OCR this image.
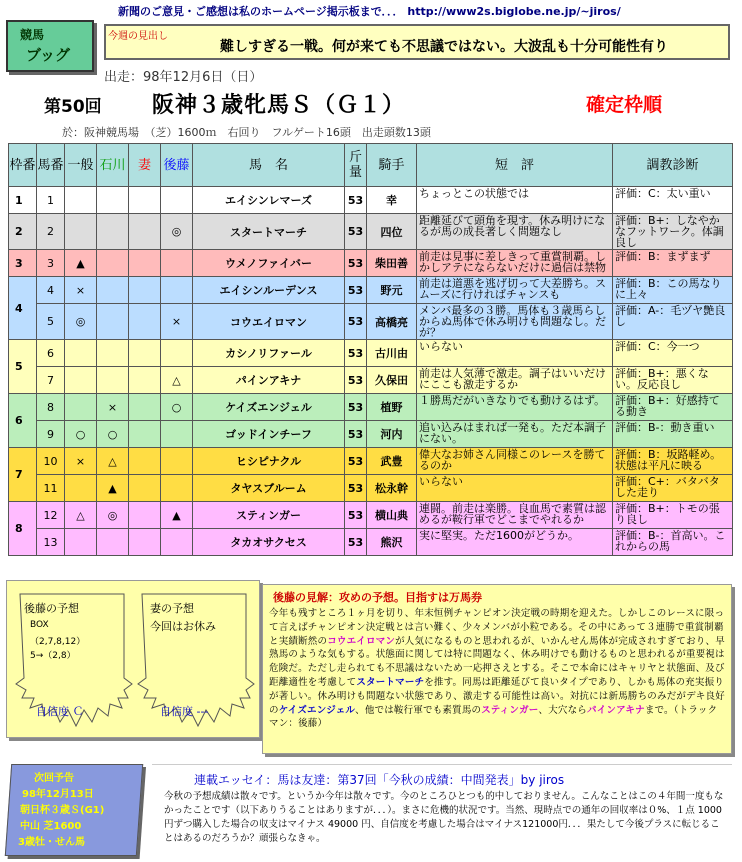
新聞のご意見・ご感想は私のホームページ掲示板まで．．． http://www2s.biglobe.ne.jp/~jiros/
競馬
ブッグ
今週の見出し
難しすぎる一戦。何が来ても不思議ではない。大波乱も十分可能性有り
出走：98年12月6日（日）
第50回 阪神３歳牝馬Ｓ（Ｇ１）	確定枠順
於：阪神競馬場　（芝）1600ｍ　右回り　フルゲート16頭　出走頭数13頭
枠番	馬番	一般	石川	妻	後藤	馬　名	斤量	騎手	短　評	調教診断
1	1					エイシンレマーズ	53	幸	ちょっとこの状態では	評価：C：太い重い
2	2				◎	スタートマーチ	53	四位	距離延びて頭角を現す。休み明けになるが馬の成長著しく問題なし	評価：B+：しなやかなフットワーク。体調良し
3	3	▲				ウメノファイバー	53	柴田善	前走は見事に差しきって重賞制覇。しかしアテにならないだけに過信は禁物	評価：B：まずまず
4	4	×				エイシンルーデンス	53	野元	前走は道悪を逃げ切って大差勝ち。スムーズに行ければチャンスも	評価：B：この馬なりに上々
	5	◎			×	コウエイロマン	53	高橋亮	メンバ最多の３勝。馬体も３歳馬らしからぬ馬体で休み明けも問題なし。だが？	評価：A-：毛ヅヤ艶良し
5	6					カシノリファール	53	古川由	いらない	評価：C：今一つ
	7				△	パインアキナ	53	久保田	前走は人気薄で激走。調子はいいだけにここも激走するか	評価：B+：悪くない。反応良し
6	8		×		○	ケイズエンジェル	53	植野	１勝馬だがいきなりでも動けるはず。	評価：B+：好感持てる動き
	9	○	○			ゴッドインチーフ	53	河内	追い込みはまれば一発も。ただ本調子にない。	評価：B-：動き重い
7	10	×	△			ヒシピナクル	53	武豊	偉大なお姉さん同様このレースを勝てるのか	評価：B：坂路軽め。状態は平凡に映る
	11		▲			タヤスブルーム	53	松永幹	いらない	評価：C+：バタバタした走り
8	12	△	◎		▲	スティンガー	53	横山典	連闘。前走は楽勝。良血馬で素質は認めるが鞍行軍でどこまでやれるか	評価：B+：トモの張り良し
	13					タカオサクセス	53	熊沢	実に堅実。ただ1600がどうか。	評価：B-：首高い。これからの馬
後藤の予想
BOX
（2,7,8,12）
5→（2,8）
自信度 Ｃ
妻の予想
今回はお休み
自信度 ---
後藤の見解：攻めの予想。目指すは万馬券
今年も残すところ１ヶ月を切り、年末恒例チャンピオン決定戦の時期を迎えた。しかしこのレースに限って言えばチャンピオン決定戦とは言い難く、少々メンバが小粒である。その中にあって３連勝で重賞制覇と実績断然のコウエイロマンが人気になるものと思われるが、いかんせん馬体が完成されすぎており、早熟馬のような気もする。状態面に関しては特に問題なく、休み明けでも動けるものと思われるが重要視は危険だ。ただし走られても不思議はないため一応押さえとする。そこで本命にはキャリヤと状態面、及び距離適性を考慮してスタートマーチを推す。同馬は距離延びて良いタイプであり、しかも馬体の充実振りが著しい。休み明けも問題ない状態であり、激走する可能性は高い。対抗には新馬勝ちのみだがデキ良好のケイズエンジェル、他では鞍行軍でも素質馬のスティンガー、大穴ならパインアキナまで。（トラックマン：後藤）
次回予告
98年12月13日
朝日杯３歳Ｓ(G1)
中山 芝1600
3歳牡・せん馬
連載エッセイ：馬は友達：第37回「今秋の成績：中間発表」by jiros
今秋の予想成績は散々です。というか今年は散々です。今のところひとつも的中しておりません。こんなことはこの４年間一度もなかったことです（以下ありうることはありますが．．．）。まさに危機的状況です。当然、現時点での通年の回収率は０%、１点 1000 円ずつ購入した場合の収支はマイナス 49000 円、自信度を考慮した場合はマイナス121000円．．．果たして今後プラスに転じることはあるのだろうか？頑張らなきゃ。
